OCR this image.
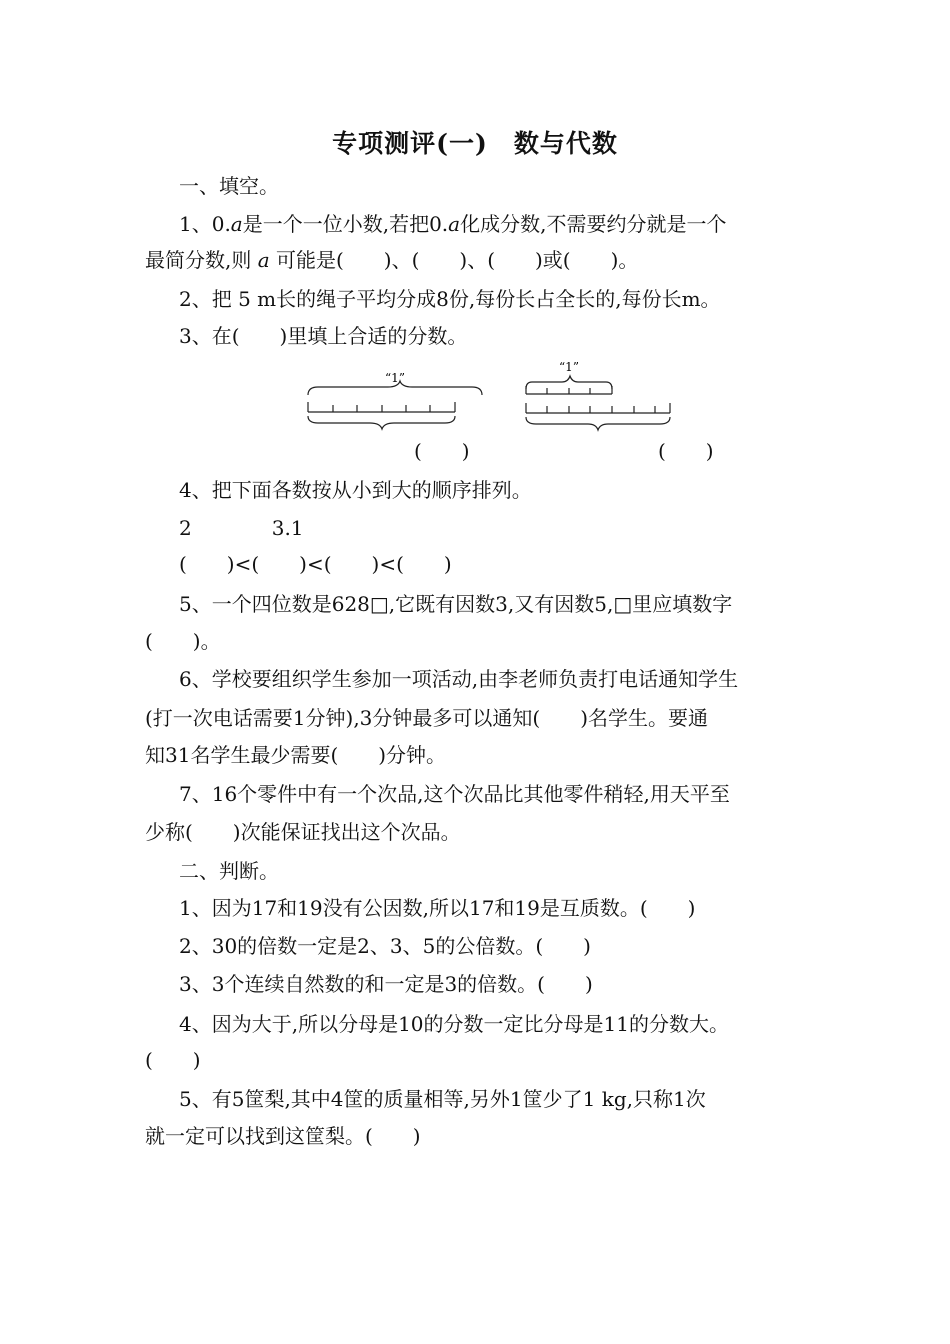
专项测评(一)　数与代数
一、填空。
1、0.𝑎是一个一位小数,若把0.𝑎化成分数,不需要约分就是一个
最简分数,则 𝑎 可能是(　　)、(　　)、(　　)或(　　)。
2、把 5 m长的绳子平均分成8份,每份长占全长的,每份长m。
3、在(　　)里填上合适的分数。
“1”
“1”
(　　)	(　　)
4、把下面各数按从小到大的顺序排列。
2　　　　3.1
(　　)<(　　)<(　　)<(　　)
5、一个四位数是628□,它既有因数3,又有因数5,□里应填数字
(　　)。
6、学校要组织学生参加一项活动,由李老师负责打电话通知学生
(打一次电话需要1分钟),3分钟最多可以通知(　　)名学生。要通
知31名学生最少需要(　　)分钟。
7、16个零件中有一个次品,这个次品比其他零件稍轻,用天平至
少称(　　)次能保证找出这个次品。
二、判断。
1、因为17和19没有公因数,所以17和19是互质数。(　　)
2、30的倍数一定是2、3、5的公倍数。(　　)
3、3个连续自然数的和一定是3的倍数。(　　)
4、因为大于,所以分母是10的分数一定比分母是11的分数大。
(　　)
5、有5筐梨,其中4筐的质量相等,另外1筐少了1 kg,只称1次
就一定可以找到这筐梨。(　　)
